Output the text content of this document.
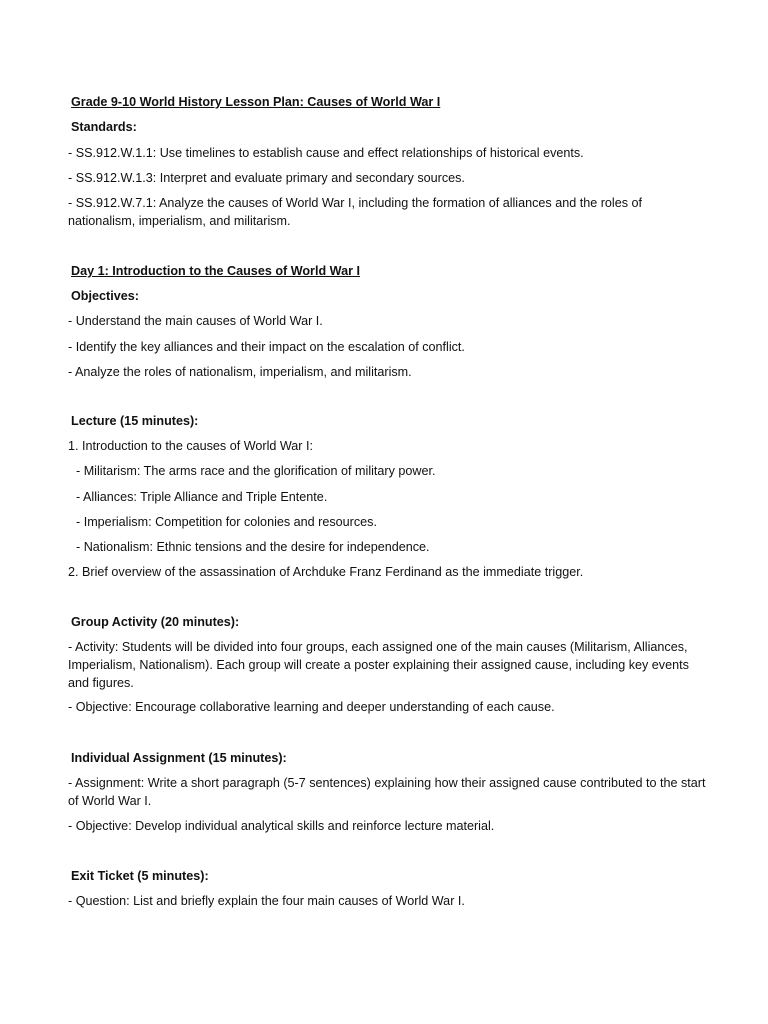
Grade 9-10 World History Lesson Plan: Causes of World War I
Standards:
- SS.912.W.1.1: Use timelines to establish cause and effect relationships of historical events.
- SS.912.W.1.3: Interpret and evaluate primary and secondary sources.
- SS.912.W.7.1: Analyze the causes of World War I, including the formation of alliances and the roles of nationalism, imperialism, and militarism.
Day 1: Introduction to the Causes of World War I
Objectives:
- Understand the main causes of World War I.
- Identify the key alliances and their impact on the escalation of conflict.
- Analyze the roles of nationalism, imperialism, and militarism.
Lecture (15 minutes):
1. Introduction to the causes of World War I:
- Militarism: The arms race and the glorification of military power.
- Alliances: Triple Alliance and Triple Entente.
- Imperialism: Competition for colonies and resources.
- Nationalism: Ethnic tensions and the desire for independence.
2. Brief overview of the assassination of Archduke Franz Ferdinand as the immediate trigger.
Group Activity (20 minutes):
- Activity: Students will be divided into four groups, each assigned one of the main causes (Militarism, Alliances, Imperialism, Nationalism). Each group will create a poster explaining their assigned cause, including key events and figures.
- Objective: Encourage collaborative learning and deeper understanding of each cause.
Individual Assignment (15 minutes):
- Assignment: Write a short paragraph (5-7 sentences) explaining how their assigned cause contributed to the start of World War I.
- Objective: Develop individual analytical skills and reinforce lecture material.
Exit Ticket (5 minutes):
- Question: List and briefly explain the four main causes of World War I.
